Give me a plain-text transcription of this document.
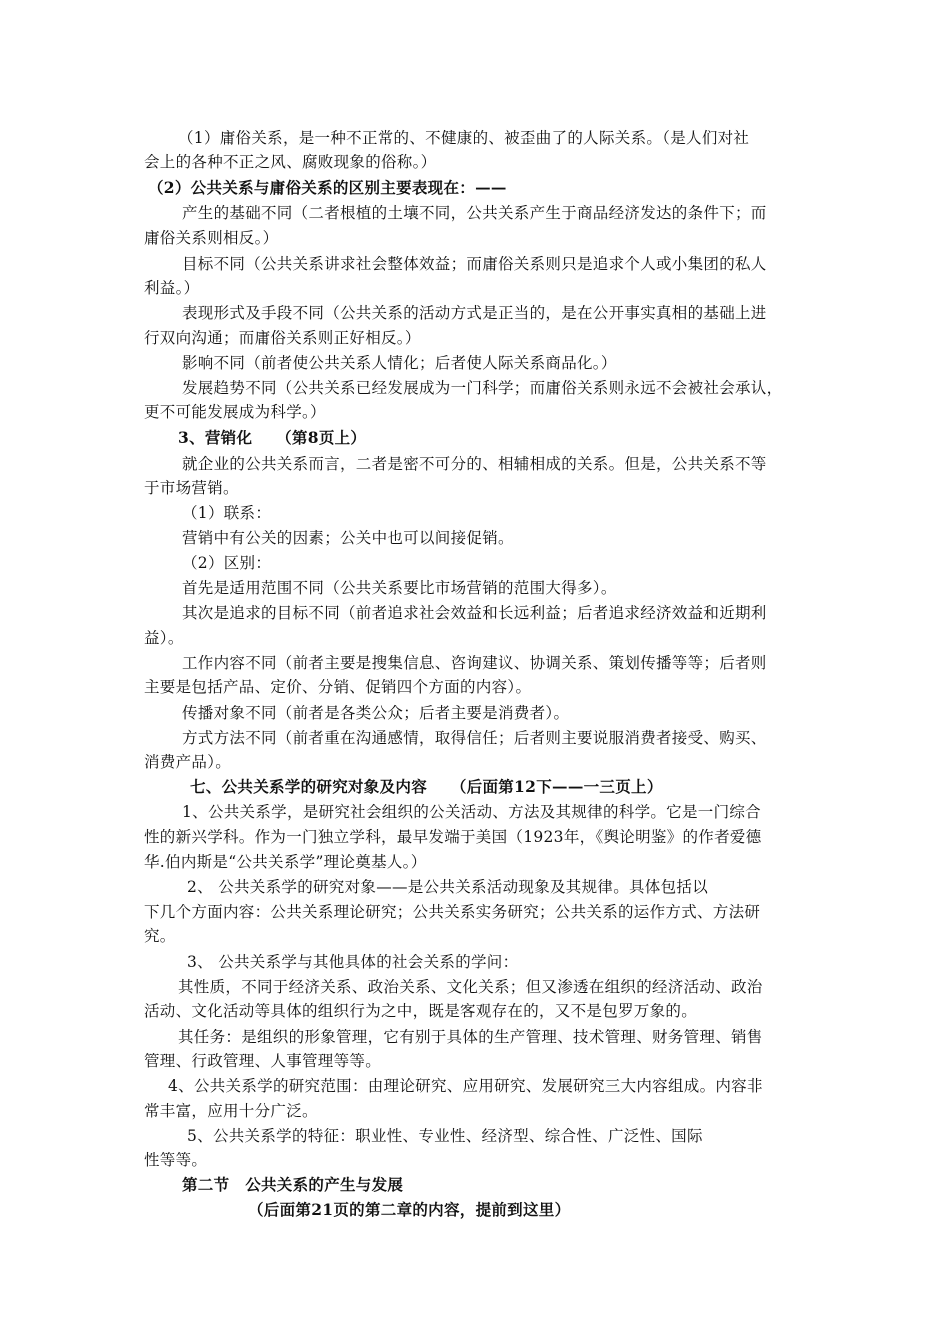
（1）庸俗关系，是一种不正常的、不健康的、被歪曲了的人际关系。（是人们对社
会上的各种不正之风、腐败现象的俗称。）
（2）公共关系与庸俗关系的区别主要表现在：——
产生的基础不同（二者根植的土壤不同，公共关系产生于商品经济发达的条件下；而
庸俗关系则相反。）
目标不同（公共关系讲求社会整体效益；而庸俗关系则只是追求个人或小集团的私人
利益。）
表现形式及手段不同（公共关系的活动方式是正当的，是在公开事实真相的基础上进
行双向沟通；而庸俗关系则正好相反。）
影响不同（前者使公共关系人情化；后者使人际关系商品化。）
发展趋势不同（公共关系已经发展成为一门科学；而庸俗关系则永远不会被社会承认，
更不可能发展成为科学。）
3、营销化　　（第8页上）
就企业的公共关系而言，二者是密不可分的、相辅相成的关系。但是，公共关系不等
于市场营销。
（1）联系：
营销中有公关的因素；公关中也可以间接促销。
（2）区别：
首先是适用范围不同（公共关系要比市场营销的范围大得多）。
其次是追求的目标不同（前者追求社会效益和长远利益；后者追求经济效益和近期利
益）。
工作内容不同（前者主要是搜集信息、咨询建议、协调关系、策划传播等等；后者则
主要是包括产品、定价、分销、促销四个方面的内容）。
传播对象不同（前者是各类公众；后者主要是消费者）。
方式方法不同（前者重在沟通感情，取得信任；后者则主要说服消费者接受、购买、
消费产品）。
七、公共关系学的研究对象及内容　　（后面第12下——一三页上）
1、公共关系学，是研究社会组织的公关活动、方法及其规律的科学。它是一门综合
性的新兴学科。作为一门独立学科，最早发端于美国（1923年，《舆论明鉴》的作者爱德
华.伯内斯是“公共关系学”理论奠基人。）
2、 公共关系学的研究对象——是公共关系活动现象及其规律。具体包括以
下几个方面内容：公共关系理论研究；公共关系实务研究；公共关系的运作方式、方法研
究。
3、 公共关系学与其他具体的社会关系的学问：
其性质，不同于经济关系、政治关系、文化关系；但又渗透在组织的经济活动、政治
活动、文化活动等具体的组织行为之中，既是客观存在的，又不是包罗万象的。
其任务：是组织的形象管理，它有别于具体的生产管理、技术管理、财务管理、销售
管理、行政管理、人事管理等等。
4、公共关系学的研究范围：由理论研究、应用研究、发展研究三大内容组成。内容非
常丰富，应用十分广泛。
5、公共关系学的特征：职业性、专业性、经济型、综合性、广泛性、国际
性等等。
第二节　公共关系的产生与发展
（后面第21页的第二章的内容，提前到这里）
